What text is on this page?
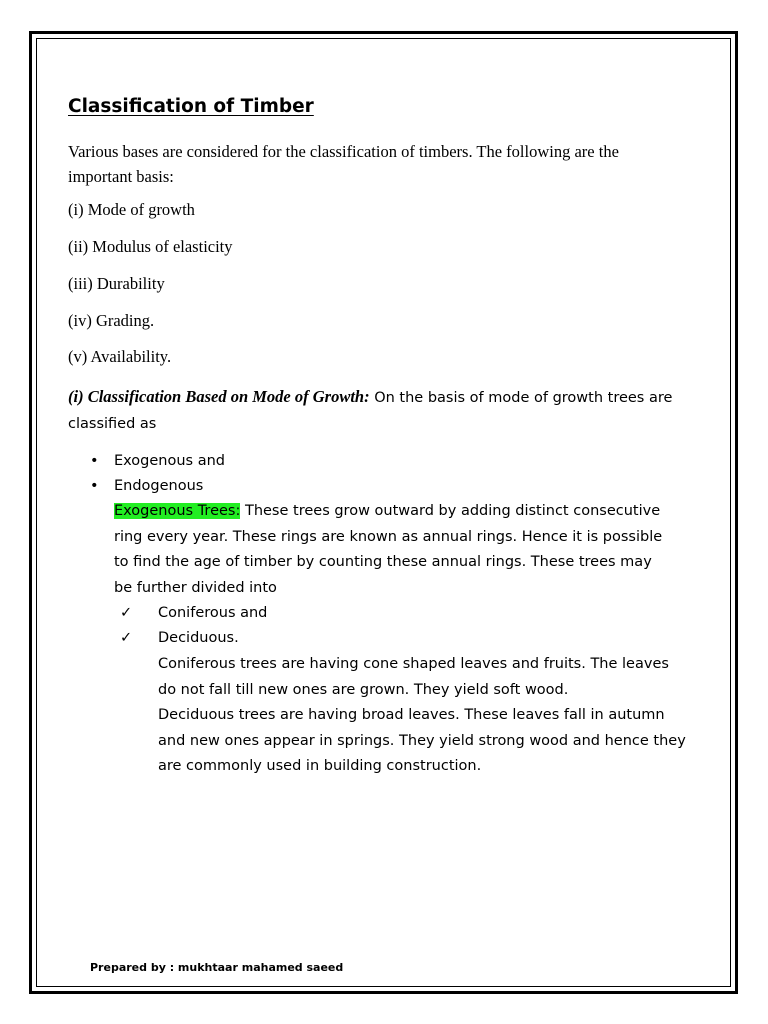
Classification of Timber
Various bases are considered for the classification of timbers. The following are the important basis:
(i) Mode of growth
(ii) Modulus of elasticity
(iii) Durability
(iv) Grading.
(v) Availability.
(i) Classification Based on Mode of Growth: On the basis of mode of growth trees are classified as
• Exogenous and
• Endogenous
Exogenous Trees: These trees grow outward by adding distinct consecutive ring every year. These rings are known as annual rings. Hence it is possible to find the age of timber by counting these annual rings. These trees may be further divided into
✓ Coniferous and
✓ Deciduous.
Coniferous trees are having cone shaped leaves and fruits. The leaves do not fall till new ones are grown. They yield soft wood.
Deciduous trees are having broad leaves. These leaves fall in autumn and new ones appear in springs. They yield strong wood and hence they are commonly used in building construction.
Prepared by : mukhtaar mahamed saeed
